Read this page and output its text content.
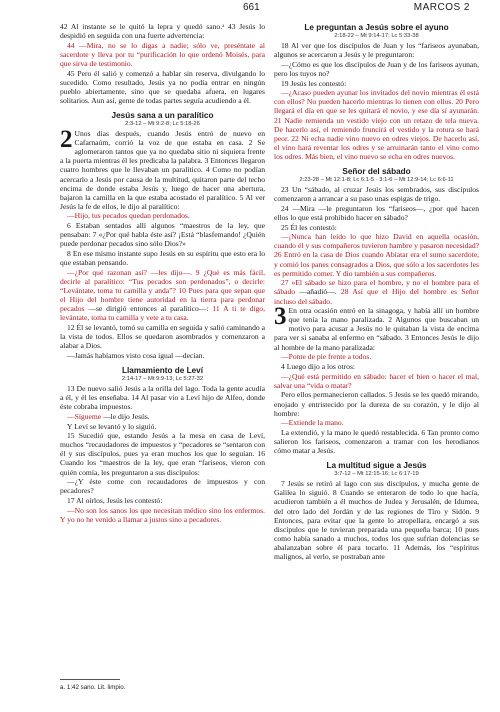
661	MARCOS 2

42 Al instante se le quitó la lepra y quedó sano.ᵃ 43 Jesús lo despidió en seguida con una fuerte advertencia:

44 —Mira, no se lo digas a nadie; sólo ve, preséntate al sacerdote y lleva por tu “purificación lo que ordenó Moisés, para que sirva de testimonio.

45 Pero él salió y comenzó a hablar sin reserva, divulgando lo sucedido. Como resultado, Jesús ya no podía entrar en ningún pueblo abiertamente, sino que se quedaba afuera, en lugares solitarios. Aun así, gente de todas partes seguía acudiendo a él.

Jesús sana a un paralítico
2:3-12 – Mt 9:2-8; Lc 5:18-26

2 Unos días después, cuando Jesús entró de nuevo en Cafarnaúm, corrió la voz de que estaba en casa. 2 Se aglomeraron tantos que ya no quedaba sitio ni siquiera frente a la puerta mientras él les predicaba la palabra. 3 Entonces llegaron cuatro hombres que le llevaban un paralítico. 4 Como no podían acercarlo a Jesús por causa de la multitud, quitaron parte del techo encima de donde estaba Jesús y, luego de hacer una abertura, bajaron la camilla en la que estaba acostado el paralítico. 5 Al ver Jesús la fe de ellos, le dijo al paralítico:

—Hijo, tus pecados quedan perdonados.

6 Estaban sentados allí algunos “maestros de la ley, que pensaban: 7 «¿Por qué habla éste así? ¡Está “blasfemando! ¿Quién puede perdonar pecados sino sólo Dios?»

8 En ese mismo instante supo Jesús en su espíritu que esto era lo que estaban pensando.

—¿Por qué razonan así? —les dijo—. 9 ¿Qué es más fácil, decirle al paralítico: “Tus pecados son perdonados”, o decirle: “Levántate, toma tu camilla y anda”? 10 Pues para que sepan que el Hijo del hombre tiene autoridad en la tierra para perdonar pecados —se dirigió entonces al paralítico—: 11 A ti te digo, levántate, toma tu camilla y vete a tu casa.

12 Él se levantó, tomó su camilla en seguida y salió caminando a la vista de todos. Ellos se quedaron asombrados y comenzaron a alabar a Dios.

—Jamás habíamos visto cosa igual —decían.

Llamamiento de Leví
2:14-17 – Mt 9:9-13; Lc 5:27-32

13 De nuevo salió Jesús a la orilla del lago. Toda la gente acudía a él, y él les enseñaba. 14 Al pasar vio a Leví hijo de Alfeo, donde éste cobraba impuestos.

—Sígueme —le dijo Jesús.

Y Leví se levantó y lo siguió.

15 Sucedió que, estando Jesús a la mesa en casa de Leví, muchos “recaudadores de impuestos y “pecadores se “sentaron con él y sus discípulos, pues ya eran muchos los que lo seguían. 16 Cuando los “maestros de la ley, que eran “fariseos, vieron con quién comía, les preguntaron a sus discípulos:

—¿Y éste come con recaudadores de impuestos y con pecadores?

17 Al oírlos, Jesús les contestó:

—No son los sanos los que necesitan médico sino los enfermos. Y yo no he venido a llamar a justos sino a pecadores.

Le preguntan a Jesús sobre el ayuno
2:18-22 – Mt 9:14-17; Lc 5:33-38

18 Al ver que los discípulos de Juan y los “fariseos ayunaban, algunos se acercaron a Jesús y le preguntaron:

—¿Cómo es que los discípulos de Juan y de los fariseos ayunan, pero los tuyos no?

19 Jesús les contestó:

—¿Acaso pueden ayunar los invitados del novio mientras él está con ellos? No pueden hacerlo mientras lo tienen con ellos. 20 Pero llegará el día en que se les quitará el novio, y ese día sí ayunarán. 21 Nadie remienda un vestido viejo con un retazo de tela nueva. De hacerlo así, el remiendo fruncirá el vestido y la rotura se hará peor. 22 Ni echa nadie vino nuevo en odres viejos. De hacerlo así, el vino hará reventar los odres y se arruinarán tanto el vino como los odres. Más bien, el vino nuevo se echa en odres nuevos.

Señor del sábado
2:23-28 – Mt 12:1-8; Lc 6:1-5 · 3:1-6 – Mt 12:9-14; Lc 6:6-11

23 Un “sábado, al cruzar Jesús los sembrados, sus discípulos comenzaron a arrancar a su paso unas espigas de trigo.

24 —Mira —le preguntaron los “fariseos—, ¿por qué hacen ellos lo que está prohibido hacer en sábado?

25 Él les contestó:

—¡Nunca han leído lo que hizo David en aquella ocasión, cuando él y sus compañeros tuvieron hambre y pasaron necesidad? 26 Entró en la casa de Dios cuando Abiatar era el sumo sacerdote, y comió los panes consagrados a Dios, que sólo a los sacerdotes les es permitido comer. Y dio también a sus compañeros.

27 »El sábado se hizo para el hombre, y no el hombre para el sábado —añadió—. 28 Así que el Hijo del hombre es Señor incluso del sábado.

3 En otra ocasión entró en la sinagoga, y había allí un hombre que tenía la mano paralizada. 2 Algunos que buscaban un motivo para acusar a Jesús no le quitaban la vista de encima para ver si sanaba al enfermo en “sábado. 3 Entonces Jesús le dijo al hombre de la mano paralizada:

—Ponte de pie frente a todos.

4 Luego dijo a los otros:

—¿Qué está permitido en sábado: hacer el bien o hacer el mal, salvar una “vida o matar?

Pero ellos permanecieron callados. 5 Jesús se les quedó mirando, enojado y entristecido por la dureza de su corazón, y le dijo al hombre:

—Extiende la mano.

La extendió, y la mano le quedó restablecida. 6 Tan pronto como salieron los fariseos, comenzaron a tramar con los herodianos cómo matar a Jesús.

La multitud sigue a Jesús
3:7-12 – Mt 12:15-16; Lc 6:17-19

7 Jesús se retiró al lago con sus discípulos, y mucha gente de Galilea lo siguió. 8 Cuando se enteraron de todo lo que hacía, acudieron también a él muchos de Judea y Jerusalén, de Idumea, del otro lado del Jordán y de las regiones de Tiro y Sidón. 9 Entonces, para evitar que la gente lo atropellara, encargó a sus discípulos que le tuvieran preparada una pequeña barca; 10 pues como había sanado a muchos, todos los que sufrían dolencias se abalanzaban sobre él para tocarlo. 11 Además, los “espíritus malignos, al verlo, se postraban ante

a. 1:42 sano. Lit. limpio.
